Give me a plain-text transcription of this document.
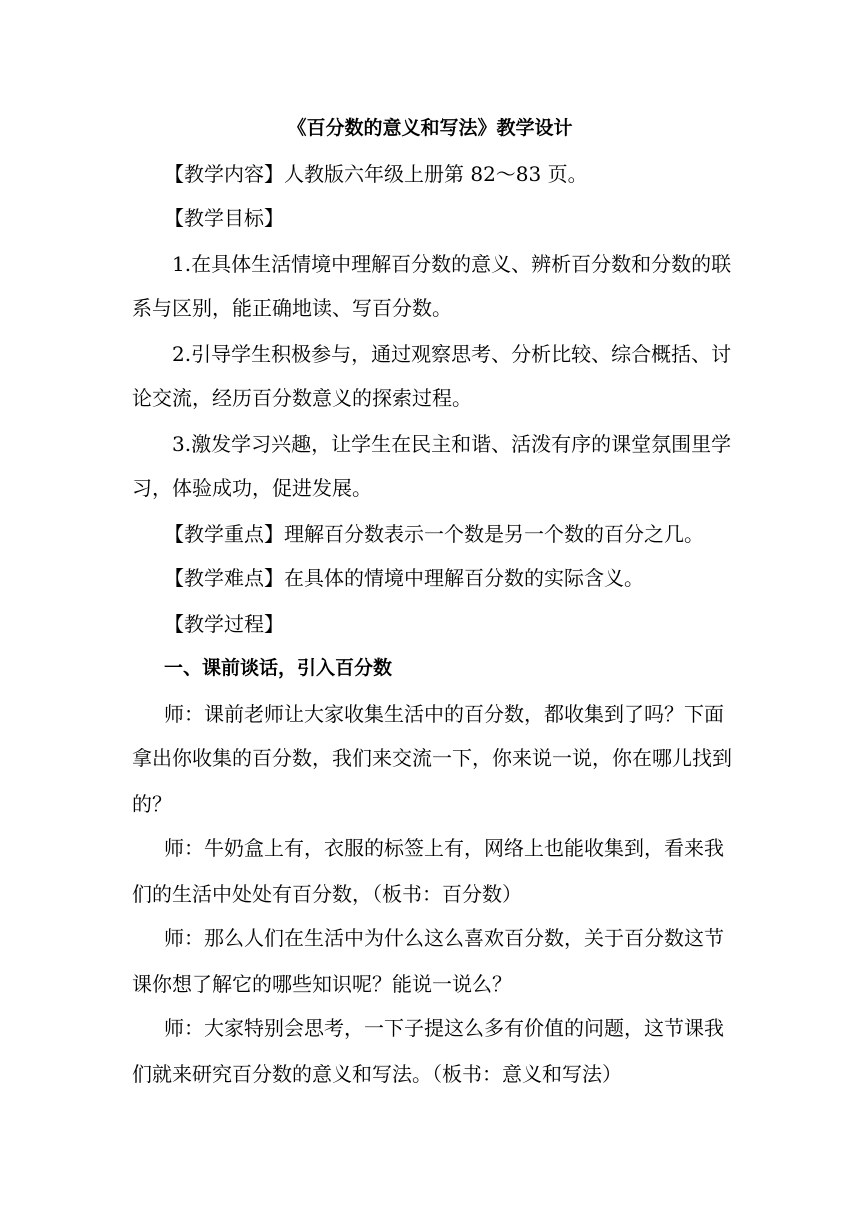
《百分数的意义和写法》教学设计
【教学内容】人教版六年级上册第 82～83 页。
【教学目标】
1.在具体生活情境中理解百分数的意义、辨析百分数和分数的联
系与区别，能正确地读、写百分数。
2.引导学生积极参与，通过观察思考、分析比较、综合概括、讨
论交流，经历百分数意义的探索过程。
3.激发学习兴趣，让学生在民主和谐、活泼有序的课堂氛围里学
习，体验成功，促进发展。
【教学重点】理解百分数表示一个数是另一个数的百分之几。
【教学难点】在具体的情境中理解百分数的实际含义。
【教学过程】
一、课前谈话，引入百分数
师：课前老师让大家收集生活中的百分数，都收集到了吗？下面
拿出你收集的百分数，我们来交流一下，你来说一说，你在哪儿找到
的？
师：牛奶盒上有，衣服的标签上有，网络上也能收集到，看来我
们的生活中处处有百分数，（板书：百分数）
师：那么人们在生活中为什么这么喜欢百分数，关于百分数这节
课你想了解它的哪些知识呢？能说一说么？
师：大家特别会思考，一下子提这么多有价值的问题，这节课我
们就来研究百分数的意义和写法。（板书：意义和写法）
